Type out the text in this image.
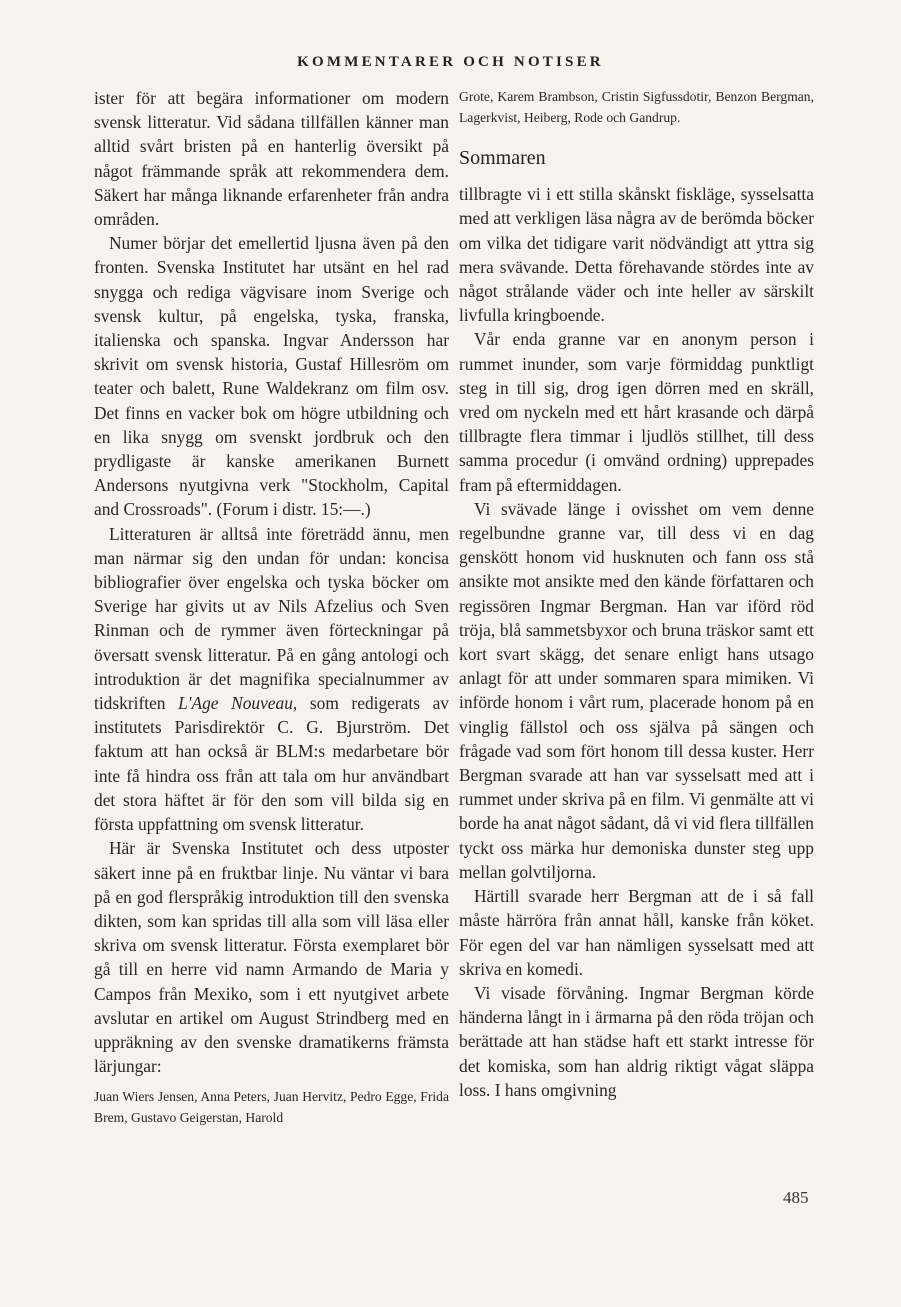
KOMMENTARER OCH NOTISER

ister för att begära informationer om modern svensk litteratur. Vid sådana tillfällen känner man alltid svårt bristen på en hanterlig översikt på något främmande språk att rekommendera dem. Säkert har många liknande erfarenheter från andra områden.

Numer börjar det emellertid ljusna även på den fronten. Svenska Institutet har utsänt en hel rad snygga och rediga vägvisare inom Sverige och svensk kultur, på engelska, tyska, franska, italienska och spanska. Ingvar Andersson har skrivit om svensk historia, Gustaf Hillesröm om teater och balett, Rune Waldekranz om film osv. Det finns en vacker bok om högre utbildning och en lika snygg om svenskt jordbruk och den prydligaste är kanske amerikanen Burnett Andersons nyutgivna verk "Stockholm, Capital and Crossroads". (Forum i distr. 15:—.)

Litteraturen är alltså inte företrädd ännu, men man närmar sig den undan för undan: koncisa bibliografier över engelska och tyska böcker om Sverige har givits ut av Nils Afzelius och Sven Rinman och de rymmer även förteckningar på översatt svensk litteratur. På en gång antologi och introduktion är det magnifika specialnummer av tidskriften L'Age Nouveau, som redigerats av institutets Parisdirektör C. G. Bjurström. Det faktum att han också är BLM:s medarbetare bör inte få hindra oss från att tala om hur användbart det stora häftet är för den som vill bilda sig en första uppfattning om svensk litteratur.

Här är Svenska Institutet och dess utposter säkert inne på en fruktbar linje. Nu väntar vi bara på en god flerspråkig introduktion till den svenska dikten, som kan spridas till alla som vill läsa eller skriva om svensk litteratur. Första exemplaret bör gå till en herre vid namn Armando de Maria y Campos från Mexiko, som i ett nyutgivet arbete avslutar en artikel om August Strindberg med en uppräkning av den svenske dramatikerns främsta lärjungar:

Juan Wiers Jensen, Anna Peters, Juan Hervitz, Pedro Egge, Frida Brem, Gustavo Geigerstan, Harold

Grote, Karem Brambson, Cristin Sigfussdotir, Benzon Bergman, Lagerkvist, Heiberg, Rode och Gandrup.

Sommaren

tillbragte vi i ett stilla skånskt fiskläge, sysselsatta med att verkligen läsa några av de berömda böcker om vilka det tidigare varit nödvändigt att yttra sig mera svävande. Detta förehavande stördes inte av något strålande väder och inte heller av särskilt livfulla kringboende.

Vår enda granne var en anonym person i rummet inunder, som varje förmiddag punktligt steg in till sig, drog igen dörren med en skräll, vred om nyckeln med ett hårt krasande och därpå tillbragte flera timmar i ljudlös stillhet, till dess samma procedur (i omvänd ordning) upprepades fram på eftermiddagen.

Vi svävade länge i ovisshet om vem denne regelbundne granne var, till dess vi en dag genskött honom vid husknuten och fann oss stå ansikte mot ansikte med den kände författaren och regissören Ingmar Bergman. Han var iförd röd tröja, blå sammetsbyxor och bruna träskor samt ett kort svart skägg, det senare enligt hans utsago anlagt för att under sommaren spara mimiken. Vi införde honom i vårt rum, placerade honom på en vinglig fällstol och oss själva på sängen och frågade vad som fört honom till dessa kuster. Herr Bergman svarade att han var sysselsatt med att i rummet under skriva på en film. Vi genmälte att vi borde ha anat något sådant, då vi vid flera tillfällen tyckt oss märka hur demoniska dunster steg upp mellan golvtiljorna.

Härtill svarade herr Bergman att de i så fall måste härröra från annat håll, kanske från köket. För egen del var han nämligen sysselsatt med att skriva en komedi.

Vi visade förvåning. Ingmar Bergman körde händerna långt in i ärmarna på den röda tröjan och berättade att han städse haft ett starkt intresse för det komiska, som han aldrig riktigt vågat släppa loss. I hans omgivning

485
